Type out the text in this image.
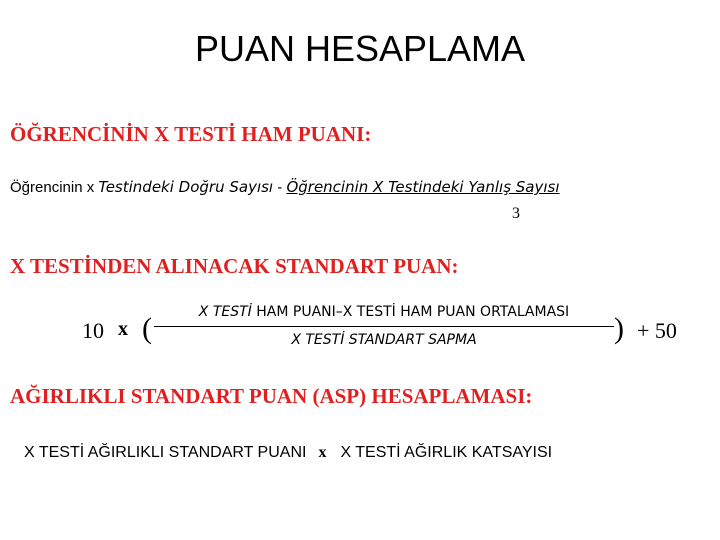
PUAN HESAPLAMA
ÖĞRENCİNİN X TESTİ HAM PUANI:
Öğrencinin x Testindeki Doğru Sayısı - Öğrencinin X Testindeki Yanlış Sayısı
3
X TESTİNDEN ALINACAK STANDART PUAN:
10 x (	X TESTİ HAM PUANI–X TESTİ HAM PUAN ORTALAMASI
X TESTİ STANDART SAPMA	) + 50
AĞIRLIKLI STANDART PUAN (ASP) HESAPLAMASI:
X TESTİ AĞIRLIKLI STANDART PUANI x X TESTİ AĞIRLIK KATSAYISI
